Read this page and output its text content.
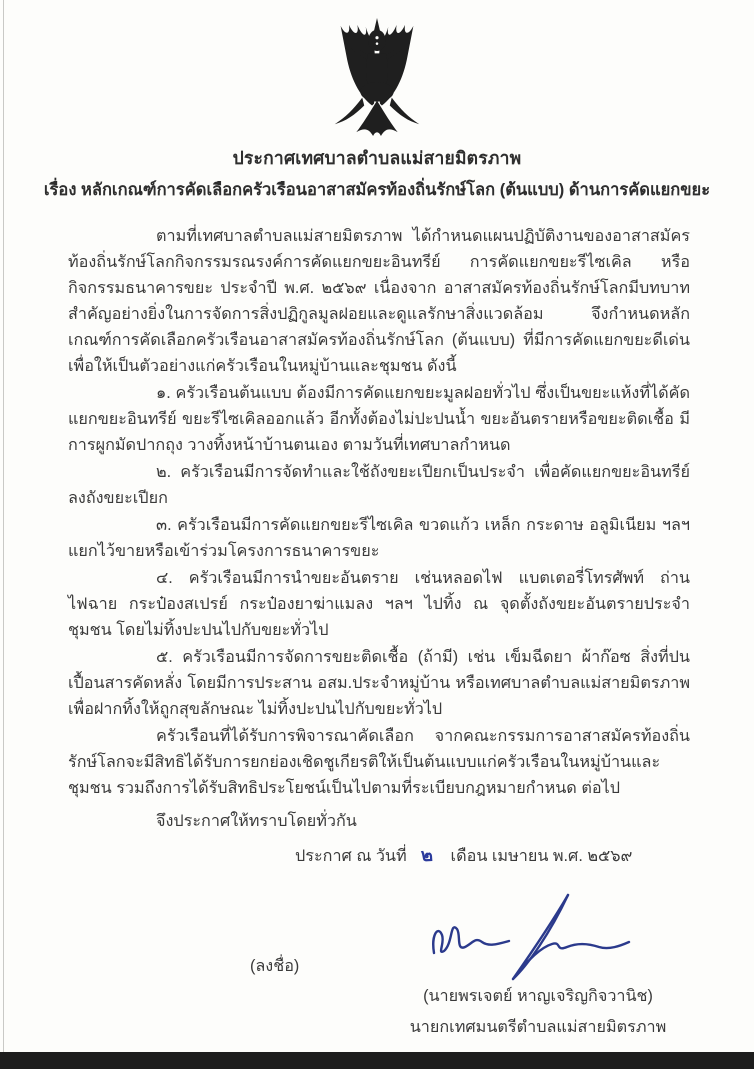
ประกาศเทศบาลตำบลแม่สายมิตรภาพ
เรื่อง หลักเกณฑ์การคัดเลือกครัวเรือนอาสาสมัครท้องถิ่นรักษ์โลก (ต้นแบบ) ด้านการคัดแยกขยะ

ตามที่เทศบาลตำบลแม่สายมิตรภาพ ได้กำหนดแผนปฏิบัติงานของอาสาสมัครท้องถิ่นรักษ์โลกกิจกรรมรณรงค์การคัดแยกขยะอินทรีย์ การคัดแยกขยะรีไซเคิล หรือกิจกรรมธนาคารขยะ ประจำปี พ.ศ. ๒๕๖๙ เนื่องจาก อาสาสมัครท้องถิ่นรักษ์โลกมีบทบาทสำคัญอย่างยิ่งในการจัดการสิ่งปฏิกูลมูลฝอยและดูแลรักษาสิ่งแวดล้อม จึงกำหนดหลักเกณฑ์การคัดเลือกครัวเรือนอาสาสมัครท้องถิ่นรักษ์โลก (ต้นแบบ) ที่มีการคัดแยกขยะดีเด่น เพื่อให้เป็นตัวอย่างแก่ครัวเรือนในหมู่บ้านและชุมชน ดังนี้

๑. ครัวเรือนต้นแบบ ต้องมีการคัดแยกขยะมูลฝอยทั่วไป ซึ่งเป็นขยะแห้งที่ได้คัดแยกขยะอินทรีย์ ขยะรีไซเคิลออกแล้ว อีกทั้งต้องไม่ปะปนน้ำ ขยะอันตรายหรือขยะติดเชื้อ มีการผูกมัดปากถุง วางทิ้งหน้าบ้านตนเอง ตามวันที่เทศบาลกำหนด

๒. ครัวเรือนมีการจัดทำและใช้ถังขยะเปียกเป็นประจำ เพื่อคัดแยกขยะอินทรีย์ลงถังขยะเปียก

๓. ครัวเรือนมีการคัดแยกขยะรีไซเคิล ขวดแก้ว เหล็ก กระดาษ อลูมิเนียม ฯลฯ แยกไว้ขายหรือเข้าร่วมโครงการธนาคารขยะ

๔. ครัวเรือนมีการนำขยะอันตราย เช่นหลอดไฟ แบตเตอรี่โทรศัพท์ ถ่านไฟฉาย กระป๋องสเปรย์ กระป๋องยาฆ่าแมลง ฯลฯ ไปทิ้ง ณ จุดตั้งถังขยะอันตรายประจำชุมชน โดยไม่ทิ้งปะปนไปกับขยะทั่วไป

๕. ครัวเรือนมีการจัดการขยะติดเชื้อ (ถ้ามี) เช่น เข็มฉีดยา ผ้าก๊อซ สิ่งที่ปนเปื้อนสารคัดหลั่ง โดยมีการประสาน อสม.ประจำหมู่บ้าน หรือเทศบาลตำบลแม่สายมิตรภาพ เพื่อฝากทิ้งให้ถูกสุขลักษณะ ไม่ทิ้งปะปนไปกับขยะทั่วไป

ครัวเรือนที่ได้รับการพิจารณาคัดเลือก จากคณะกรรมการอาสาสมัครท้องถิ่นรักษ์โลกจะมีสิทธิได้รับการยกย่องเชิดชูเกียรติให้เป็นต้นแบบแก่ครัวเรือนในหมู่บ้านและชุมชน รวมถึงการได้รับสิทธิประโยชน์เป็นไปตามที่ระเบียบกฎหมายกำหนด ต่อไป

จึงประกาศให้ทราบโดยทั่วกัน

ประกาศ ณ วันที่ ๒ เดือน เมษายน พ.ศ. ๒๕๖๙
(ลงชื่อ)
(นายพรเจตย์ หาญเจริญกิจวานิช)
นายกเทศมนตรีตำบลแม่สายมิตรภาพ
